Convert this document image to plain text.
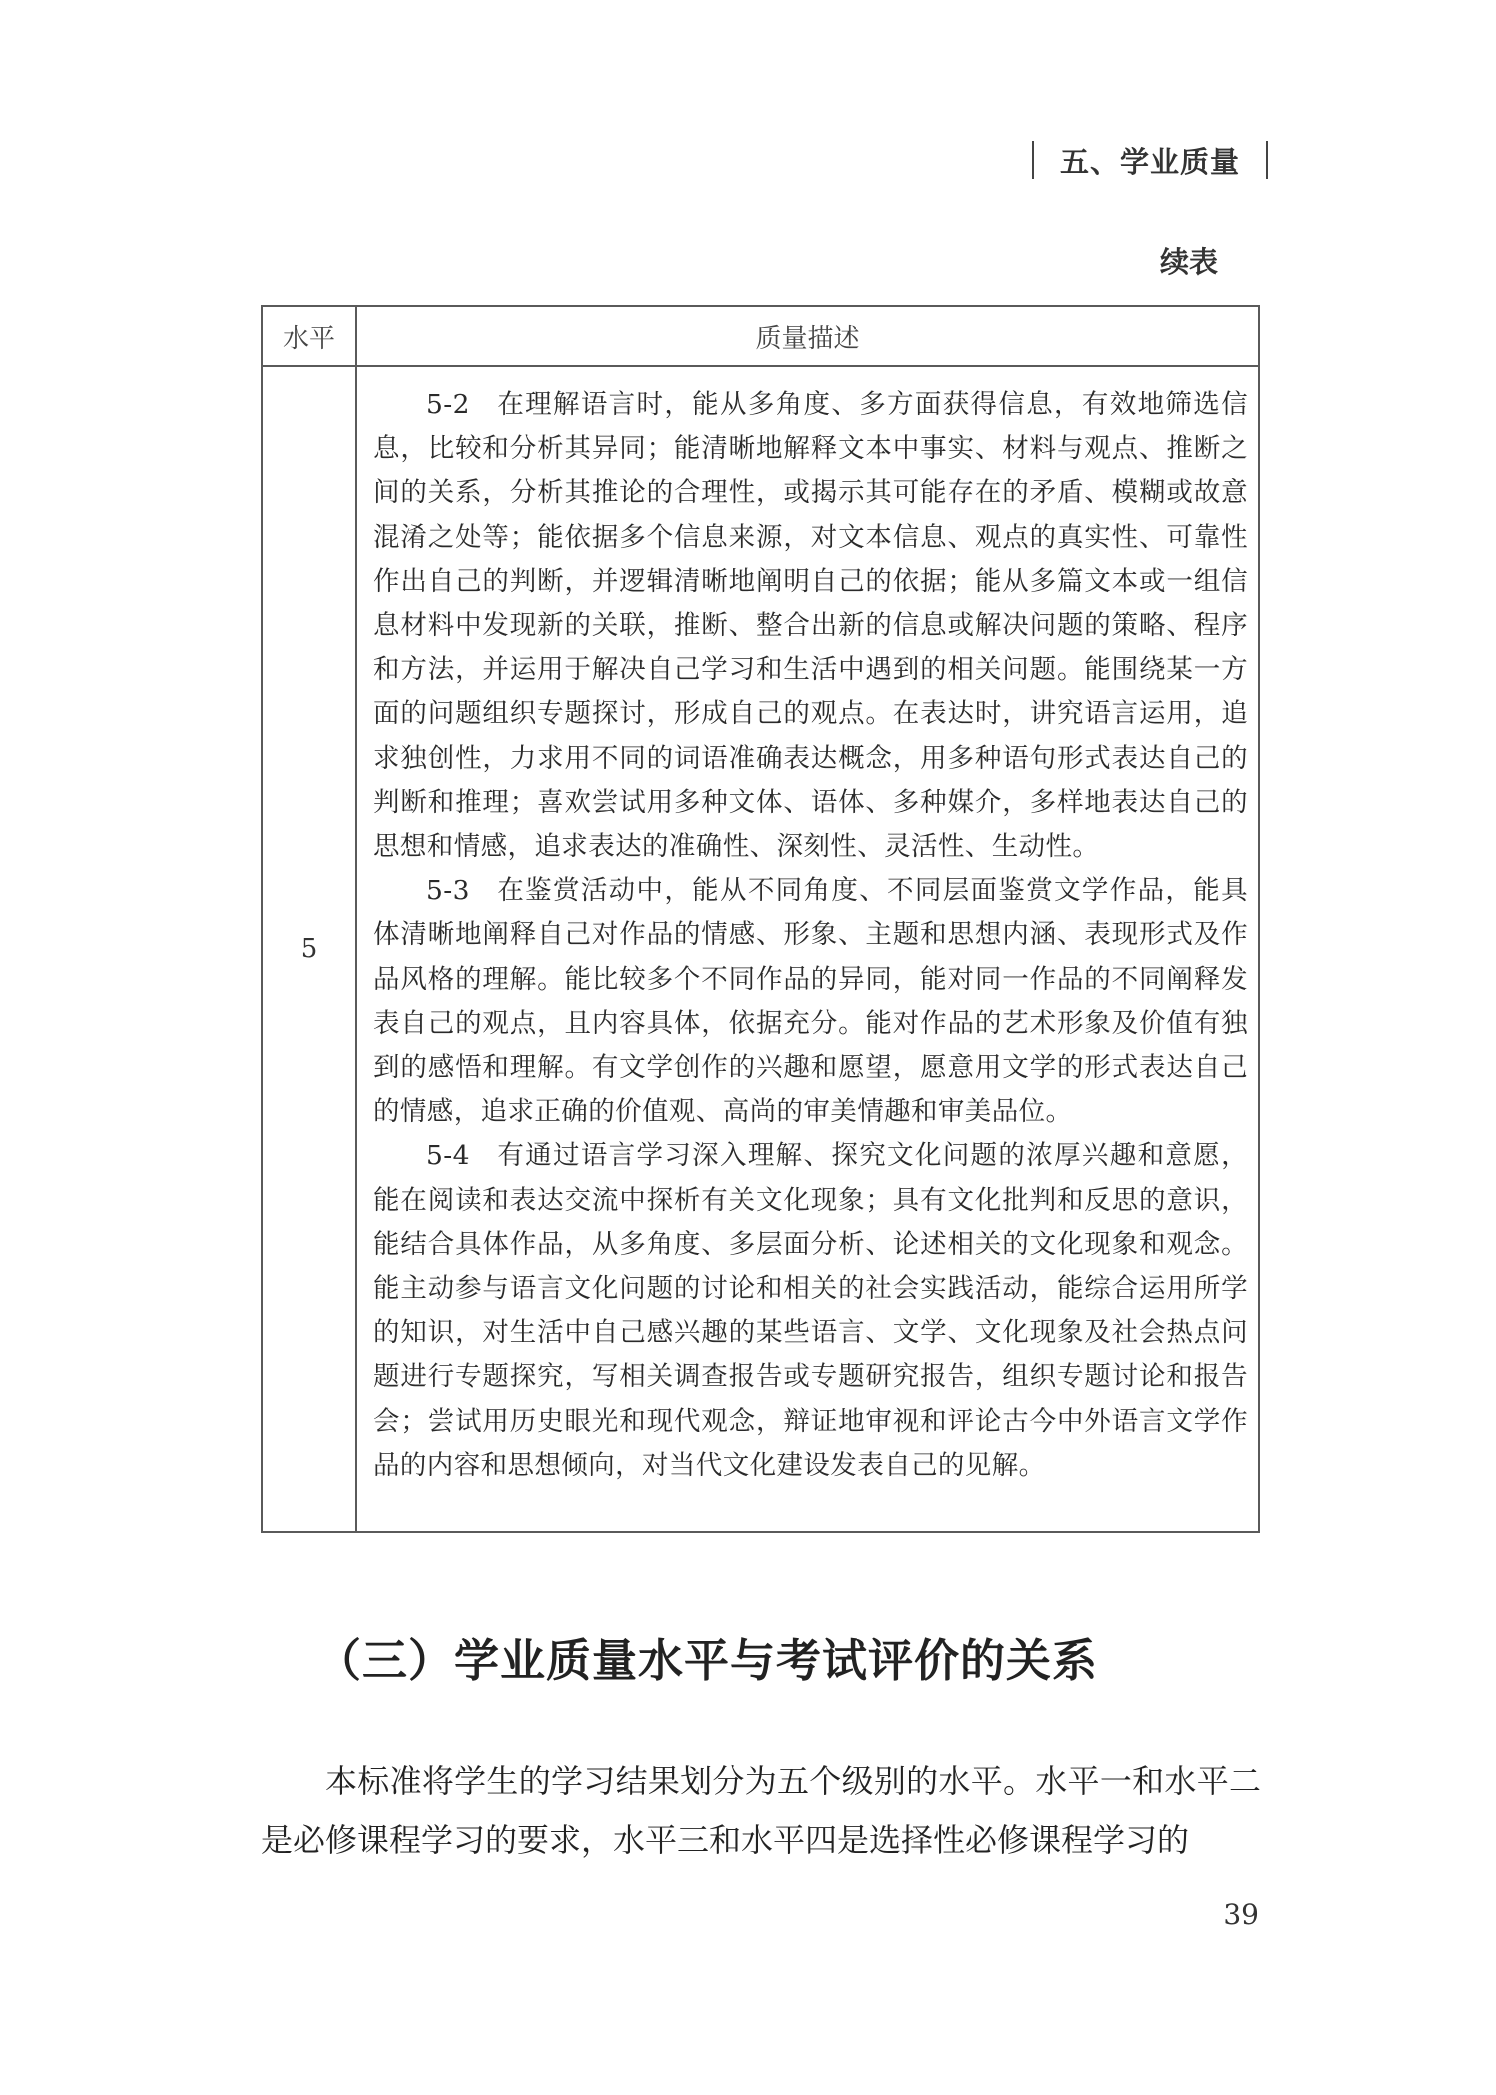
五、学业质量
续表
水平	质量描述
5	5-2 在理解语言时，能从多角度、多方面获得信息，有效地筛选信息，比较和分析其异同；能清晰地解释文本中事实、材料与观点、推断之间的关系，分析其推论的合理性，或揭示其可能存在的矛盾、模糊或故意混淆之处等；能依据多个信息来源，对文本信息、观点的真实性、可靠性作出自己的判断，并逻辑清晰地阐明自己的依据；能从多篇文本或一组信息材料中发现新的关联，推断、整合出新的信息或解决问题的策略、程序和方法，并运用于解决自己学习和生活中遇到的相关问题。能围绕某一方面的问题组织专题探讨，形成自己的观点。在表达时，讲究语言运用，追求独创性，力求用不同的词语准确表达概念，用多种语句形式表达自己的判断和推理；喜欢尝试用多种文体、语体、多种媒介，多样地表达自己的思想和情感，追求表达的准确性、深刻性、灵活性、生动性。

5-3 在鉴赏活动中，能从不同角度、不同层面鉴赏文学作品，能具体清晰地阐释自己对作品的情感、形象、主题和思想内涵、表现形式及作品风格的理解。能比较多个不同作品的异同，能对同一作品的不同阐释发表自己的观点，且内容具体，依据充分。能对作品的艺术形象及价值有独到的感悟和理解。有文学创作的兴趣和愿望，愿意用文学的形式表达自己的情感，追求正确的价值观、高尚的审美情趣和审美品位。

5-4 有通过语言学习深入理解、探究文化问题的浓厚兴趣和意愿，能在阅读和表达交流中探析有关文化现象；具有文化批判和反思的意识，能结合具体作品，从多角度、多层面分析、论述相关的文化现象和观念。能主动参与语言文化问题的讨论和相关的社会实践活动，能综合运用所学的知识，对生活中自己感兴趣的某些语言、文学、文化现象及社会热点问题进行专题探究，写相关调查报告或专题研究报告，组织专题讨论和报告会；尝试用历史眼光和现代观念，辩证地审视和评论古今中外语言文学作品的内容和思想倾向，对当代文化建设发表自己的见解。

（三）学业质量水平与考试评价的关系

本标准将学生的学习结果划分为五个级别的水平。水平一和水平二是必修课程学习的要求，水平三和水平四是选择性必修课程学习的

39
